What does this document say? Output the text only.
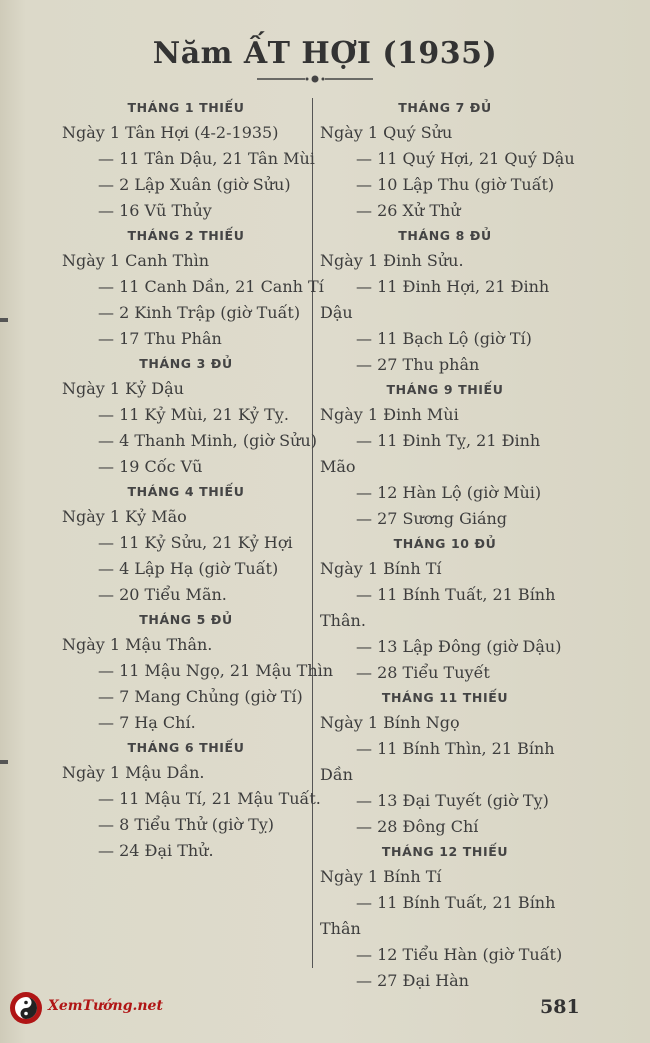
Năm ẤT HỢI (1935)
THÁNG 1 THIẾU
Ngày 1 Tân Hợi (4-2-1935)
— 11 Tân Dậu, 21 Tân Mùi
— 2 Lập Xuân (giờ Sửu)
— 16 Vũ Thủy
THÁNG 2 THIẾU
Ngày 1 Canh Thìn
— 11 Canh Dần, 21 Canh Tí
— 2 Kinh Trập (giờ Tuất)
— 17 Thu Phân
THÁNG 3 ĐỦ
Ngày 1 Kỷ Dậu
— 11 Kỷ Mùi, 21 Kỷ Tỵ.
— 4 Thanh Minh, (giờ Sửu)
— 19 Cốc Vũ
THÁNG 4 THIẾU
Ngày 1 Kỷ Mão
— 11 Kỷ Sửu, 21 Kỷ Hợi
— 4 Lập Hạ (giờ Tuất)
— 20 Tiểu Mãn.
THÁNG 5 ĐỦ
Ngày 1 Mậu Thân.
— 11 Mậu Ngọ, 21 Mậu Thìn
— 7 Mang Chủng (giờ Tí)
— 7 Hạ Chí.
THÁNG 6 THIẾU
Ngày 1 Mậu Dần.
— 11 Mậu Tí, 21 Mậu Tuất.
— 8 Tiểu Thử (giờ Tỵ)
— 24 Đại Thử.
THÁNG 7 ĐỦ
Ngày 1 Quý Sửu
— 11 Quý Hợi, 21 Quý Dậu
— 10 Lập Thu (giờ Tuất)
— 26 Xử Thử
THÁNG 8 ĐỦ
Ngày 1 Đinh Sửu.
— 11 Đinh Hợi, 21 Đinh
Dậu
— 11 Bạch Lộ (giờ Tí)
— 27 Thu phân
THÁNG 9 THIẾU
Ngày 1 Đinh Mùi
— 11 Đinh Tỵ, 21 Đinh
Mão
— 12 Hàn Lộ (giờ Mùi)
— 27 Sương Giáng
THÁNG 10 ĐỦ
Ngày 1 Bính Tí
— 11 Bính Tuất, 21 Bính
Thân.
— 13 Lập Đông (giờ Dậu)
— 28 Tiểu Tuyết
THÁNG 11 THIẾU
Ngày 1 Bính Ngọ
— 11 Bính Thìn, 21 Bính
Dần
— 13 Đại Tuyết (giờ Tỵ)
— 28 Đông Chí
THÁNG 12 THIẾU
Ngày 1 Bính Tí
— 11 Bính Tuất, 21 Bính
Thân
— 12 Tiểu Hàn (giờ Tuất)
— 27 Đại Hàn
XemTướng.net	581
